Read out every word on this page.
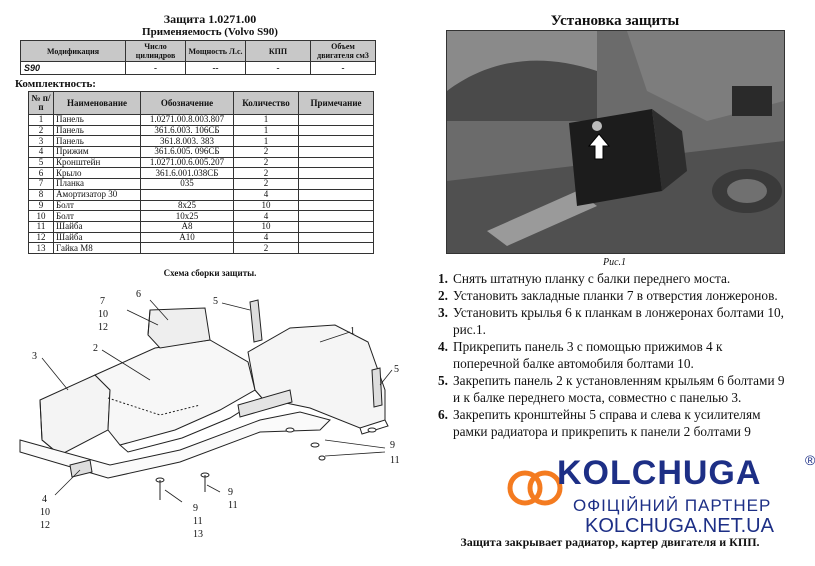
Защита 1.0271.00
Применяемость (Volvo S90)
Модификация	Число цилиндров	Мощность Л.с.	КПП	Объем двигателя см3
S90	-	--	-	-
Комплектность:
№ п/п	Наименование	Обозначение	Количество	Примечание
1	Панель	1.0271.00.8.003.807	1	
2	Панель	361.6.003. 106СБ	1	
3	Панель	361.8.003. 383	1	
4	Прижим	361.6.005. 096СБ	2	
5	Кронштейн	1.0271.00.6.005.207	2	
6	Крыло	361.6.001.038СБ	2	
7	Планка	035	2	
8	Амортизатор 30		4	
9	Болт	8х25	10	
10	Болт	10х25	4	
11	Шайба	А8	10	
12	Шайба	А10	4	
13	Гайка М8		2	
Схема сборки защиты.
7
10
12
6
5
1
3
2
5
9
11
4
10
12
9
11
13
9
11
Установка защиты
Рис.1
1. Снять штатную планку с балки переднего моста.
2. Установить закладные планки 7 в отверстия лонжеронов.
3. Установить крылья 6 к планкам в лонжеронах болтами 10, рис.1.
4. Прикрепить панель 3 с помощью прижимов 4 к поперечной балке автомобиля болтами 10.
5. Закрепить панель 2 к установленням крыльям 6 болтами 9 и к балке переднего моста, совместно с панелью 3.
6. Закрепить кронштейны 5 справа и слева к усилителям рамки радиатора и прикрепить к панели 2 болтами 9
KOLCHUGA	®
ОФІЦІЙНИЙ ПАРТНЕР
KOLCHUGA.NET.UA
Защита закрывает радиатор, картер двигателя и КПП.
